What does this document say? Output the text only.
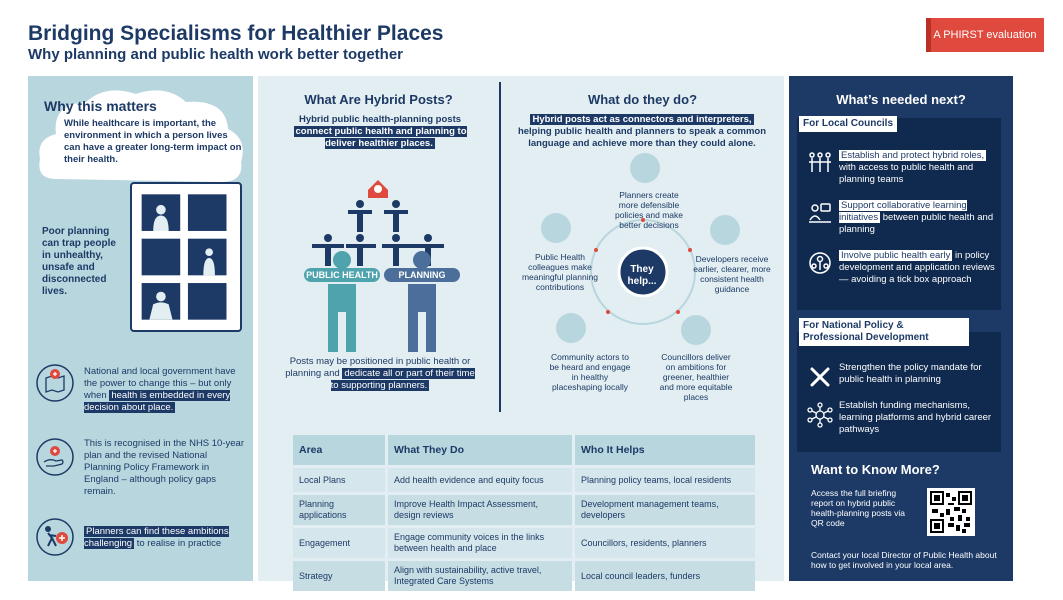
Bridging Specialisms for Healthier Places
Why planning and public health work better together
A PHIRST evaluation
Why this matters
While healthcare is important, the environment in which a person lives can have a greater long-term impact on their health.
Poor planning can trap people in unhealthy, unsafe and disconnected lives.
National and local government have the power to change this – but only when health is embedded in every decision about place.
This is recognised in the NHS 10-year plan and the revised National Planning Policy Framework in England – although policy gaps remain.
Planners can find these ambitions challenging to realise in practice
What Are Hybrid Posts?
Hybrid public health-planning posts connect public health and planning to deliver healthier places.
PUBLIC HEALTH	PLANNING
Posts may be positioned in public health or planning and dedicate all or part of their time to supporting planners.
What do they do?
Hybrid posts act as connectors and interpreters, helping public health and planners to speak a common language and achieve more than they could alone.
They help...
Planners create more defensible policies and make better decisions
Developers receive earlier, clearer, more consistent health guidance
Councillors deliver on ambitions for greener, healthier and more equitable places
Community actors to be heard and engage in healthy placeshaping locally
Public Health colleagues make meaningful planning contributions
Area	What They Do	Who It Helps
Local Plans	Add health evidence and equity focus	Planning policy teams, local residents
Planning applications	Improve Health Impact Assessment, design reviews	Development management teams, developers
Engagement	Engage community voices in the links between health and place	Councillors, residents, planners
Strategy	Align with sustainability, active travel, Integrated Care Systems	Local council leaders, funders
What’s needed next?
For Local Councils
Establish and protect hybrid roles, with access to public health and planning teams
Support collaborative learning initiatives between public health and planning
Involve public health early in policy development and application reviews — avoiding a tick box approach
For National Policy & Professional Development
Strengthen the policy mandate for public health in planning
Establish funding mechanisms, learning platforms and hybrid career pathways
Want to Know More?
Access the full briefing report on hybrid public health-planning posts via QR code
Contact your local Director of Public Health about how to get involved in your local area.
